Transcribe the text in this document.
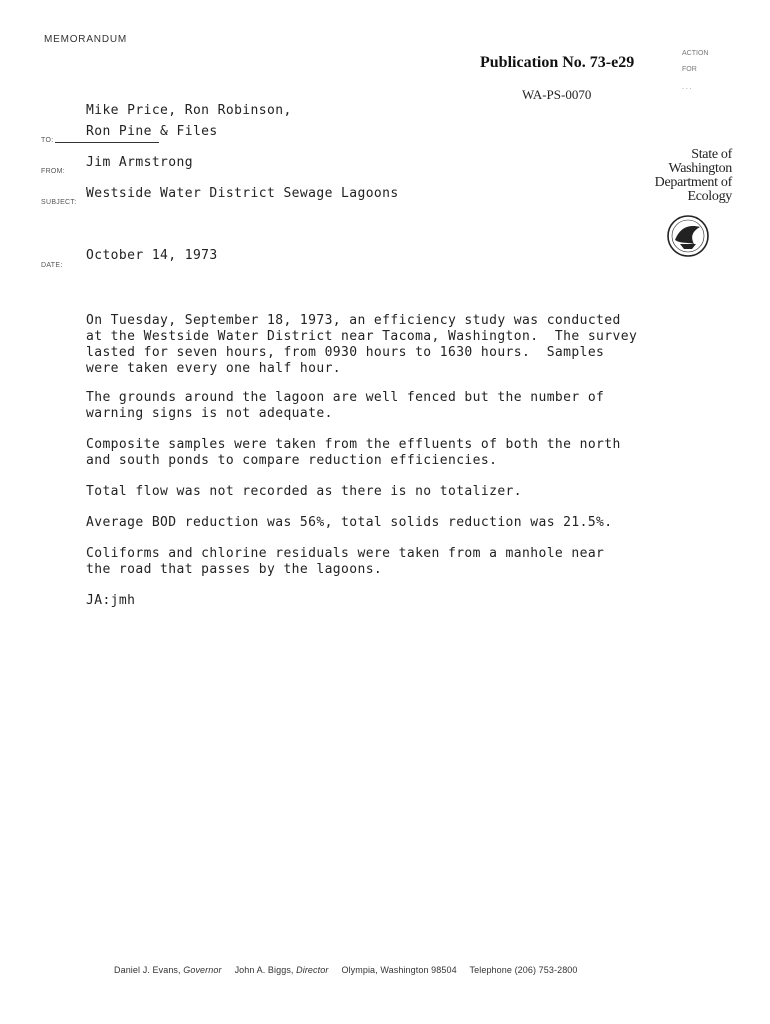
MEMORANDUM
Publication No. 73-e29
WA-PS-0070
ACTION
FOR
. . .
State of Washington Department of Ecology
TO:
Mike Price, Ron Robinson,
Ron Pine & Files
FROM:
Jim Armstrong
SUBJECT:
Westside Water District Sewage Lagoons
DATE:
October 14, 1973
On Tuesday, September 18, 1973, an efficiency study was conducted
at the Westside Water District near Tacoma, Washington.  The survey
lasted for seven hours, from 0930 hours to 1630 hours.  Samples
were taken every one half hour.
The grounds around the lagoon are well fenced but the number of
warning signs is not adequate.
Composite samples were taken from the effluents of both the north
and south ponds to compare reduction efficiencies.
Total flow was not recorded as there is no totalizer.
Average BOD reduction was 56%, total solids reduction was 21.5%.
Coliforms and chlorine residuals were taken from a manhole near
the road that passes by the lagoons.
JA:jmh
Daniel J. Evans, Governor John A. Biggs, Director Olympia, Washington 98504 Telephone (206) 753-2800
